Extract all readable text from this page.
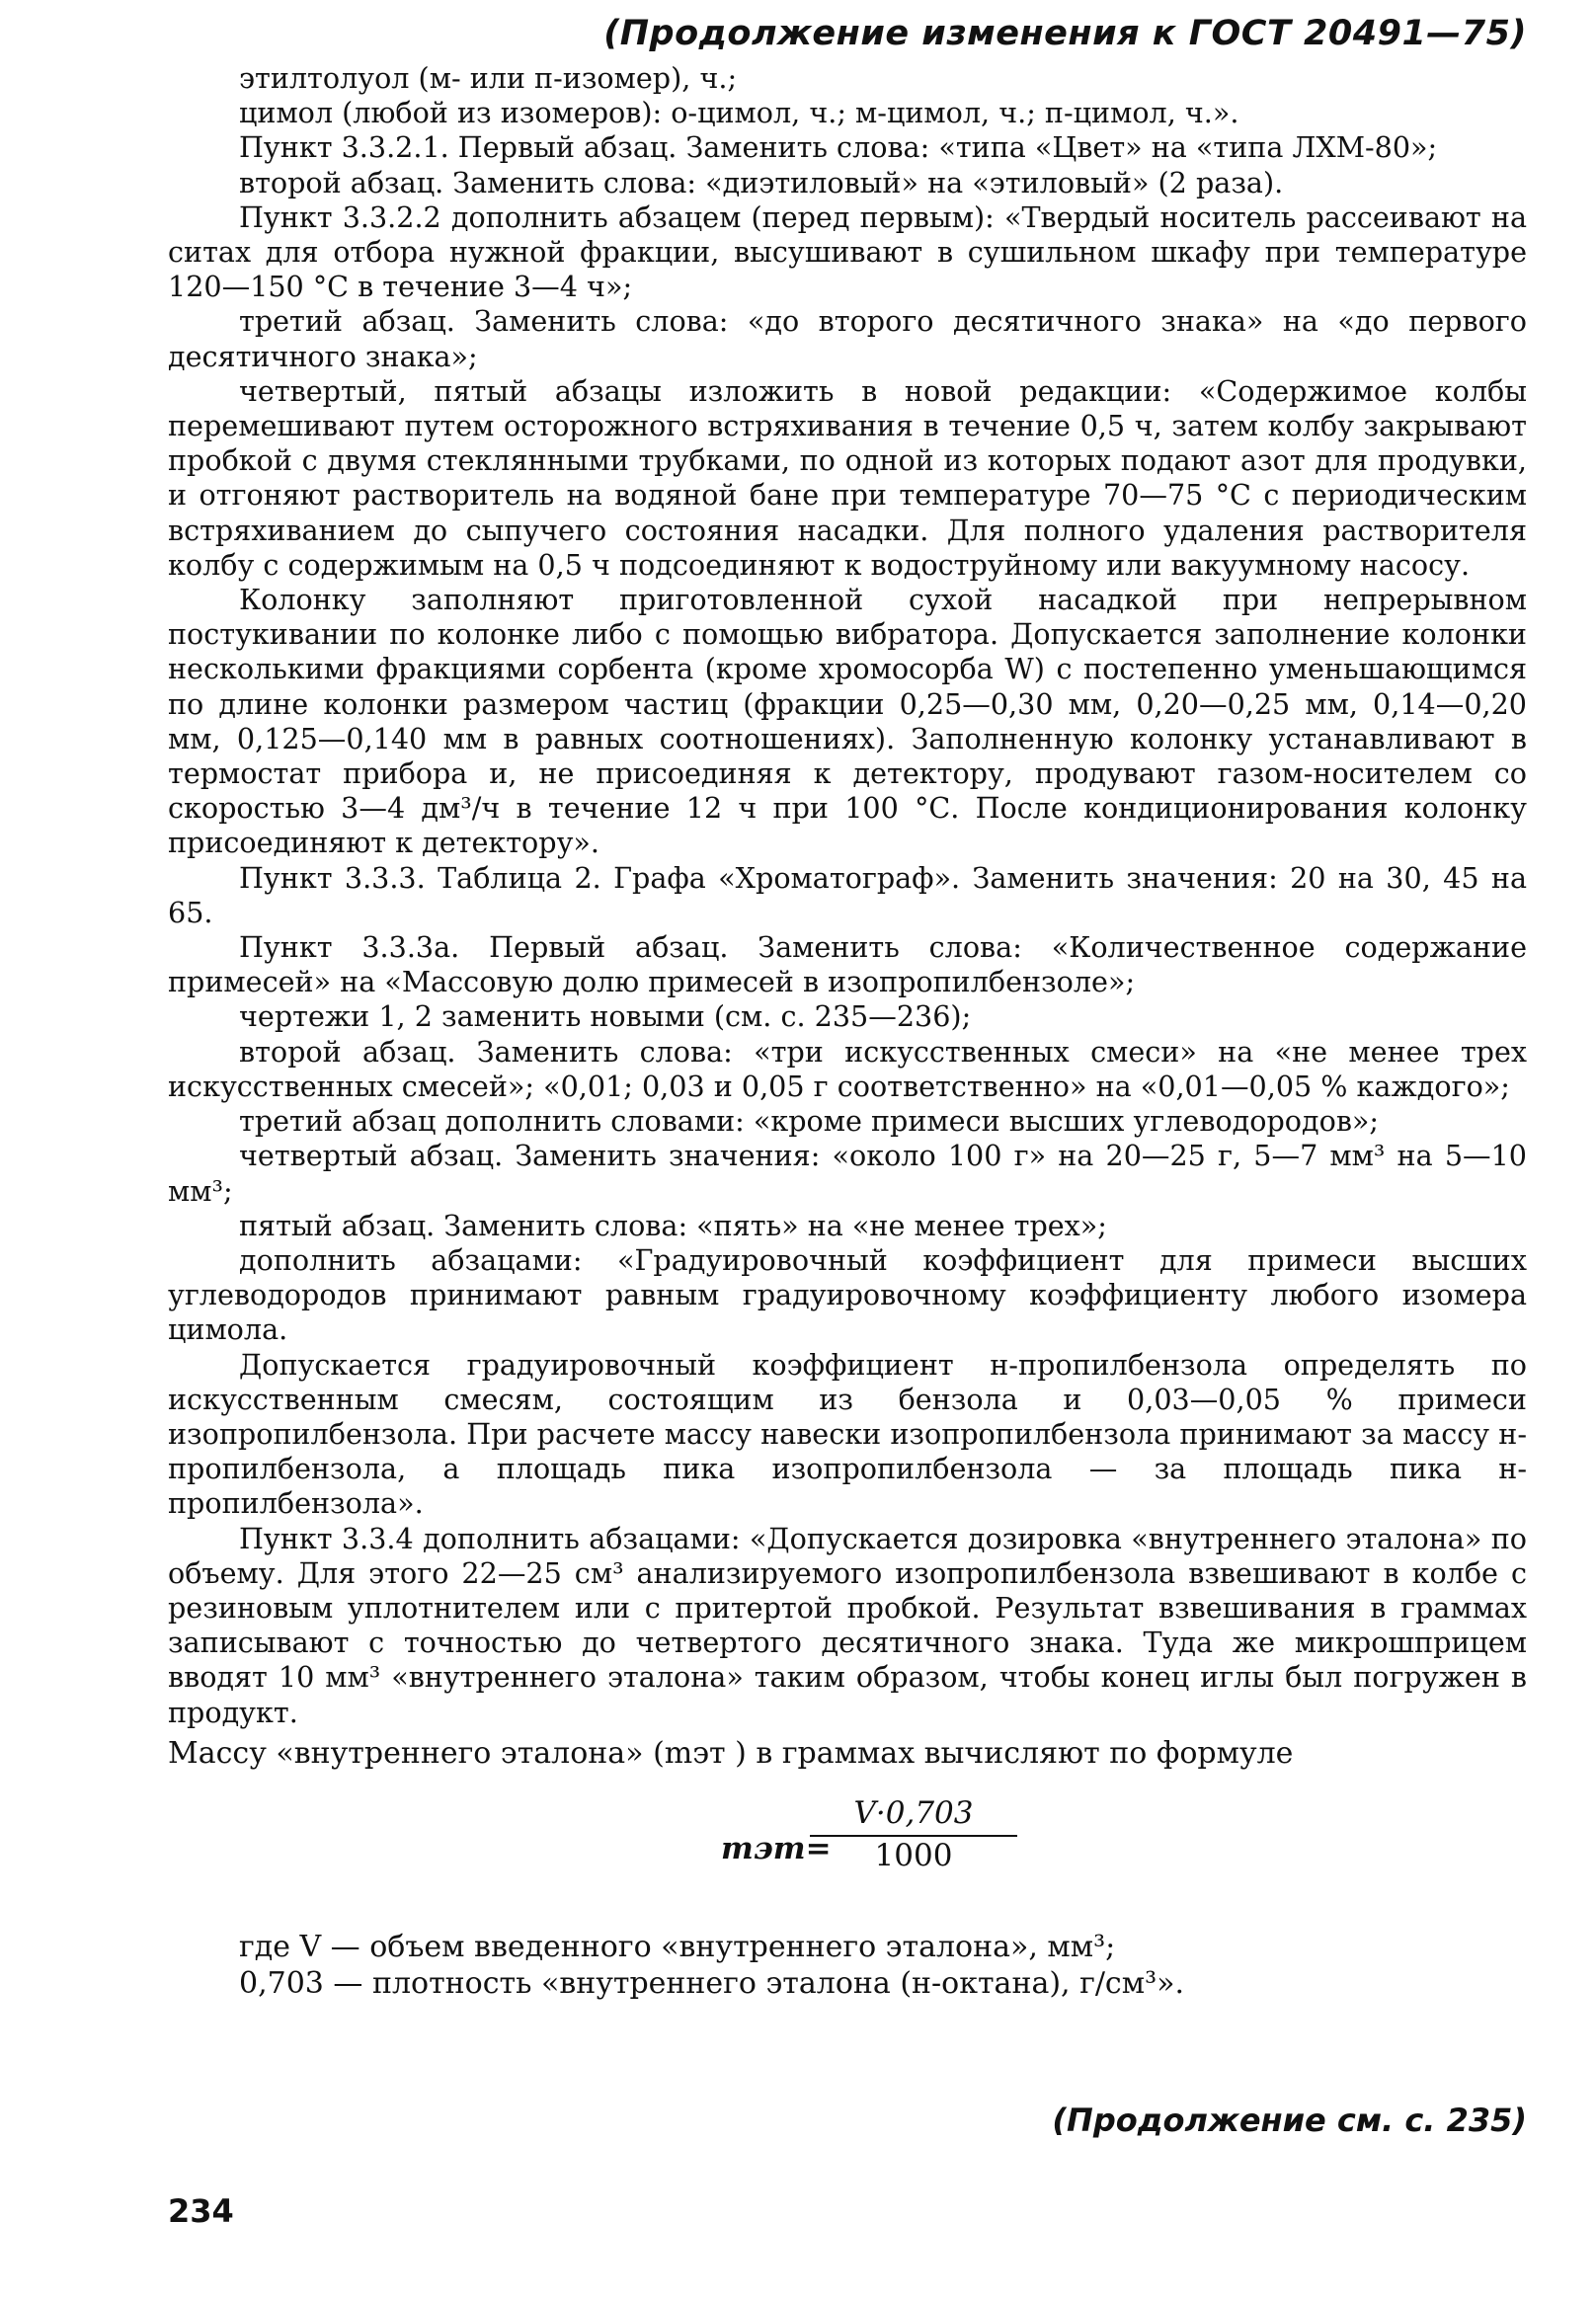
(Продолжение изменения к ГОСТ 20491—75)

этилтолуол (м- или п-изомер), ч.;

цимол (любой из изомеров): о-цимол, ч.; м-цимол, ч.; п-цимол, ч.».

Пункт 3.3.2.1. Первый абзац. Заменить слова: «типа «Цвет» на «типа ЛХМ-80»;

второй абзац. Заменить слова: «диэтиловый» на «этиловый» (2 раза).

Пункт 3.3.2.2 дополнить абзацем (перед первым): «Твердый носитель рассеивают на ситах для отбора нужной фракции, высушивают в сушильном шкафу при температуре 120—150 °С в течение 3—4 ч»;

третий абзац. Заменить слова: «до второго десятичного знака» на «до первого десятичного знака»;

четвертый, пятый абзацы изложить в новой редакции: «Содержимое колбы перемешивают путем осторожного встряхивания в течение 0,5 ч, затем колбу закрывают пробкой с двумя стеклянными трубками, по одной из которых подают азот для продувки, и отгоняют растворитель на водяной бане при температуре 70—75 °С с периодическим встряхиванием до сыпучего состояния насадки. Для полного удаления растворителя колбу с содержимым на 0,5 ч подсоединяют к водоструйному или вакуумному насосу.

Колонку заполняют приготовленной сухой насадкой при непрерывном постукивании по колонке либо с помощью вибратора. Допускается заполнение колонки несколькими фракциями сорбента (кроме хромосорба W) с постепенно уменьшающимся по длине колонки размером частиц (фракции 0,25—0,30 мм, 0,20—0,25 мм, 0,14—0,20 мм, 0,125—0,140 мм в равных соотношениях). Заполненную колонку устанавливают в термостат прибора и, не присоединяя к детектору, продувают газом-носителем со скоростью 3—4 дм³/ч в течение 12 ч при 100 °С. После кондиционирования колонку присоединяют к детектору».

Пункт 3.3.3. Таблица 2. Графа «Хроматограф». Заменить значения: 20 на 30, 45 на 65.

Пункт 3.3.3а. Первый абзац. Заменить слова: «Количественное содержание примесей» на «Массовую долю примесей в изопропилбензоле»;

чертежи 1, 2 заменить новыми (см. с. 235—236);

второй абзац. Заменить слова: «три искусственных смеси» на «не менее трех искусственных смесей»; «0,01; 0,03 и 0,05 г соответственно» на «0,01—0,05 % каждого»;

третий абзац дополнить словами: «кроме примеси высших углеводородов»;

четвертый абзац. Заменить значения: «около 100 г» на 20—25 г, 5—7 мм³ на 5—10 мм³;

пятый абзац. Заменить слова: «пять» на «не менее трех»;

дополнить абзацами: «Градуировочный коэффициент для примеси высших углеводородов принимают равным градуировочному коэффициенту любого изомера цимола.

Допускается градуировочный коэффициент н-пропилбензола определять по искусственным смесям, состоящим из бензола и 0,03—0,05 % примеси изопропилбензола. При расчете массу навески изопропилбензола принимают за массу н-пропилбензола, а площадь пика изопропилбензола — за площадь пика н-пропилбензола».

Пункт 3.3.4 дополнить абзацами: «Допускается дозировка «внутреннего эталона» по объему. Для этого 22—25 см³ анализируемого изопропилбензола взвешивают в колбе с резиновым уплотнителем или с притертой пробкой. Результат взвешивания в граммах записывают с точностью до четвертого десятичного знака. Туда же микрошприцем вводят 10 мм³ «внутреннего эталона» таким образом, чтобы конец иглы был погружен в продукт.

Массу «внутреннего эталона» (mэт ) в граммах вычисляют по формуле

mэт=
$\frac{V\cdot 0,703}{1000}$

где V — объем введенного «внутреннего эталона», мм³;

0,703 — плотность «внутреннего эталона (н-октана), г/см³».

(Продолжение см. с. 235)
234
